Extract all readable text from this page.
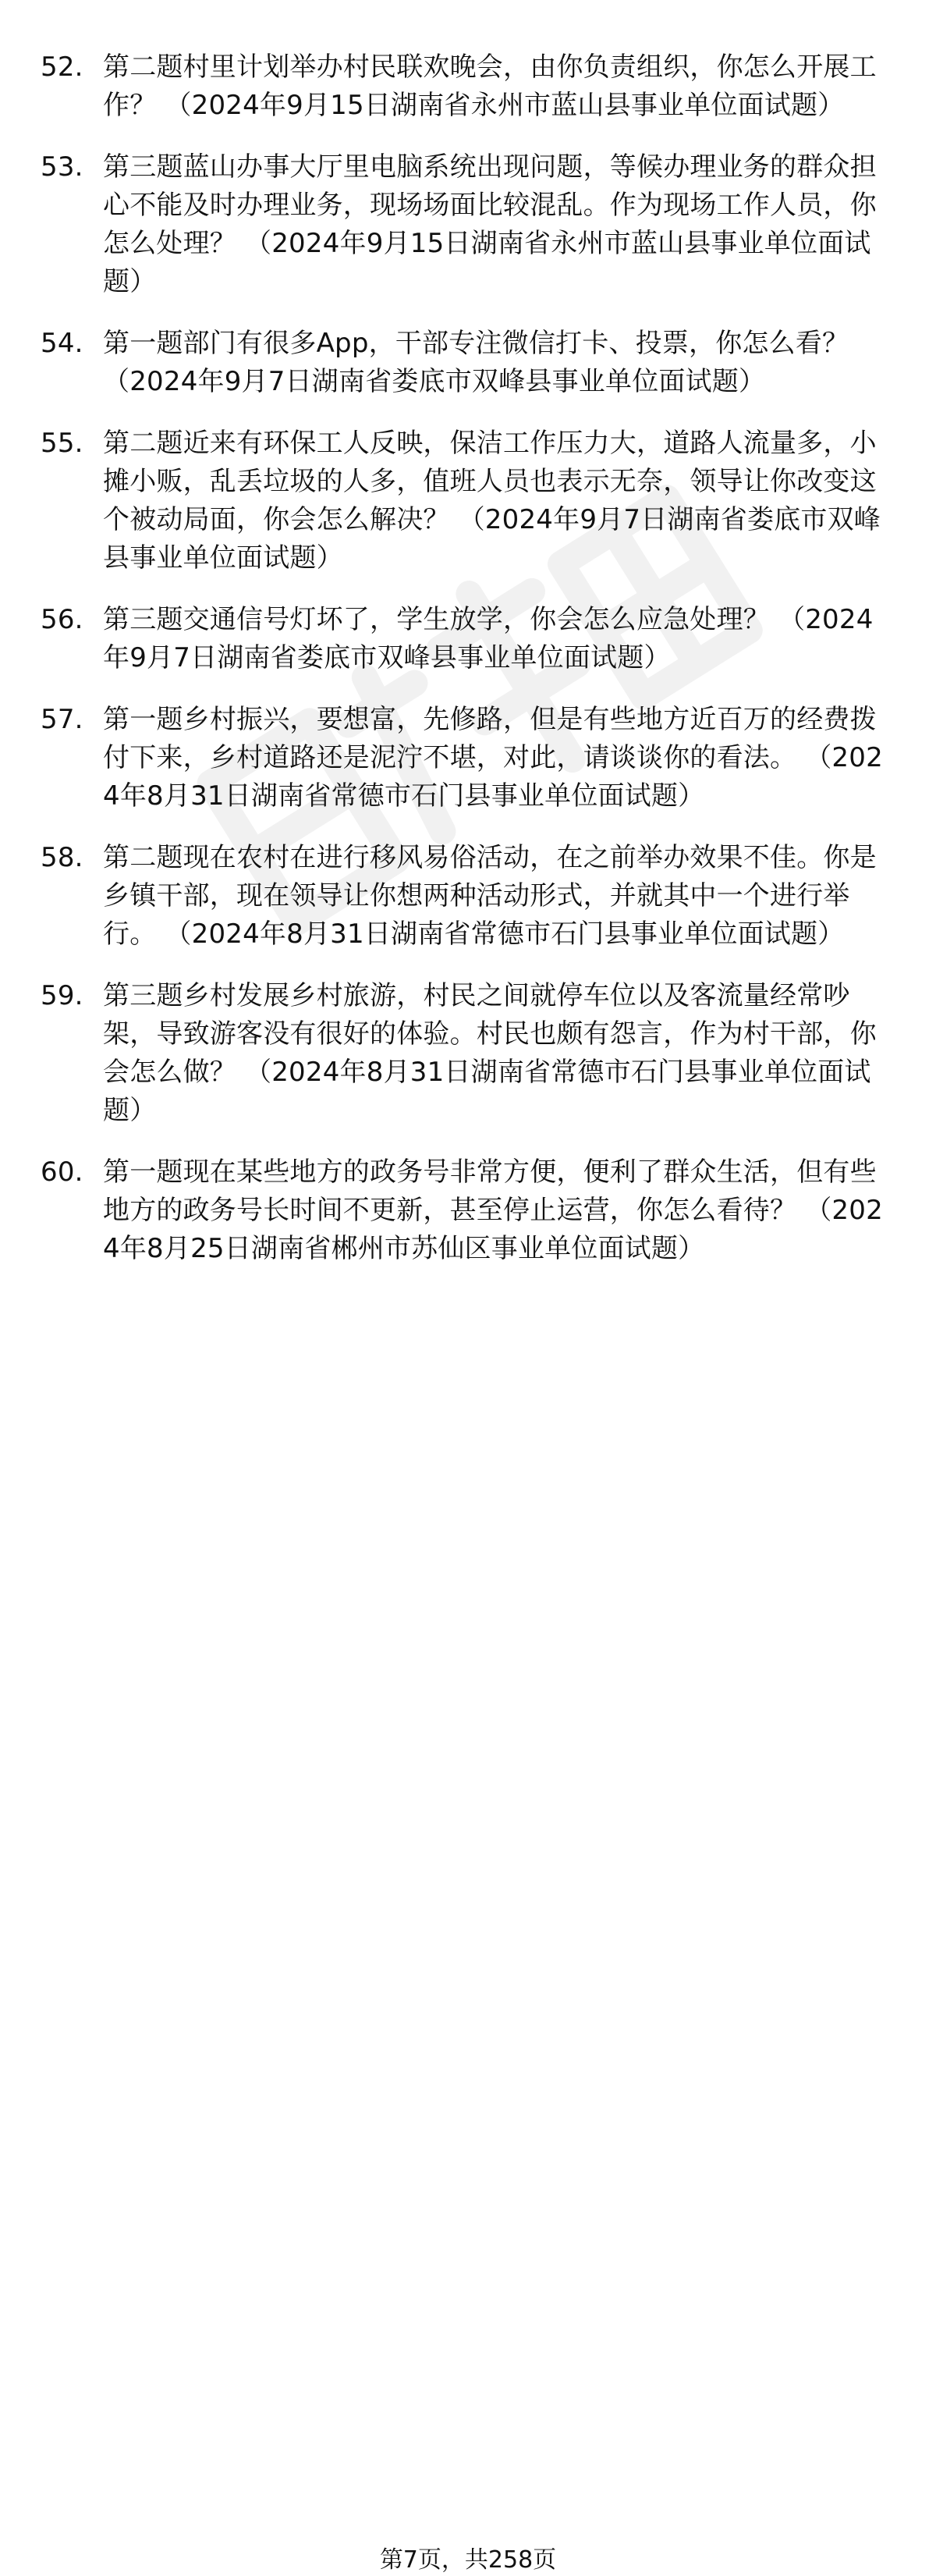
52. 第二题村里计划举办村民联欢晚会，由你负责组织，你怎么开展工作？ （2024年9月15日湖南省永州市蓝山县事业单位面试题）
53. 第三题蓝山办事大厅里电脑系统出现问题，等候办理业务的群众担心不能及时办理业务，现场场面比较混乱。作为现场工作人员，你怎么处理？ （2024年9月15日湖南省永州市蓝山县事业单位面试题）
54. 第一题部门有很多App，干部专注微信打卡、投票，你怎么看？ （2024年9月7日湖南省娄底市双峰县事业单位面试题）
55. 第二题近来有环保工人反映，保洁工作压力大，道路人流量多，小摊小贩，乱丢垃圾的人多，值班人员也表示无奈，领导让你改变这个被动局面，你会怎么解决？ （2024年9月7日湖南省娄底市双峰县事业单位面试题）
56. 第三题交通信号灯坏了，学生放学，你会怎么应急处理？ （2024年9月7日湖南省娄底市双峰县事业单位面试题）
57. 第一题乡村振兴，要想富，先修路，但是有些地方近百万的经费拨付下来，乡村道路还是泥泞不堪，对此，请谈谈你的看法。 （2024年8月31日湖南省常德市石门县事业单位面试题）
58. 第二题现在农村在进行移风易俗活动，在之前举办效果不佳。你是乡镇干部，现在领导让你想两种活动形式，并就其中一个进行举行。 （2024年8月31日湖南省常德市石门县事业单位面试题）
59. 第三题乡村发展乡村旅游，村民之间就停车位以及客流量经常吵架，导致游客没有很好的体验。村民也颇有怨言，作为村干部，你会怎么做？ （2024年8月31日湖南省常德市石门县事业单位面试题）
60. 第一题现在某些地方的政务号非常方便，便利了群众生活，但有些地方的政务号长时间不更新，甚至停止运营，你怎么看待？ （2024年8月25日湖南省郴州市苏仙区事业单位面试题）
第7页，共258页
